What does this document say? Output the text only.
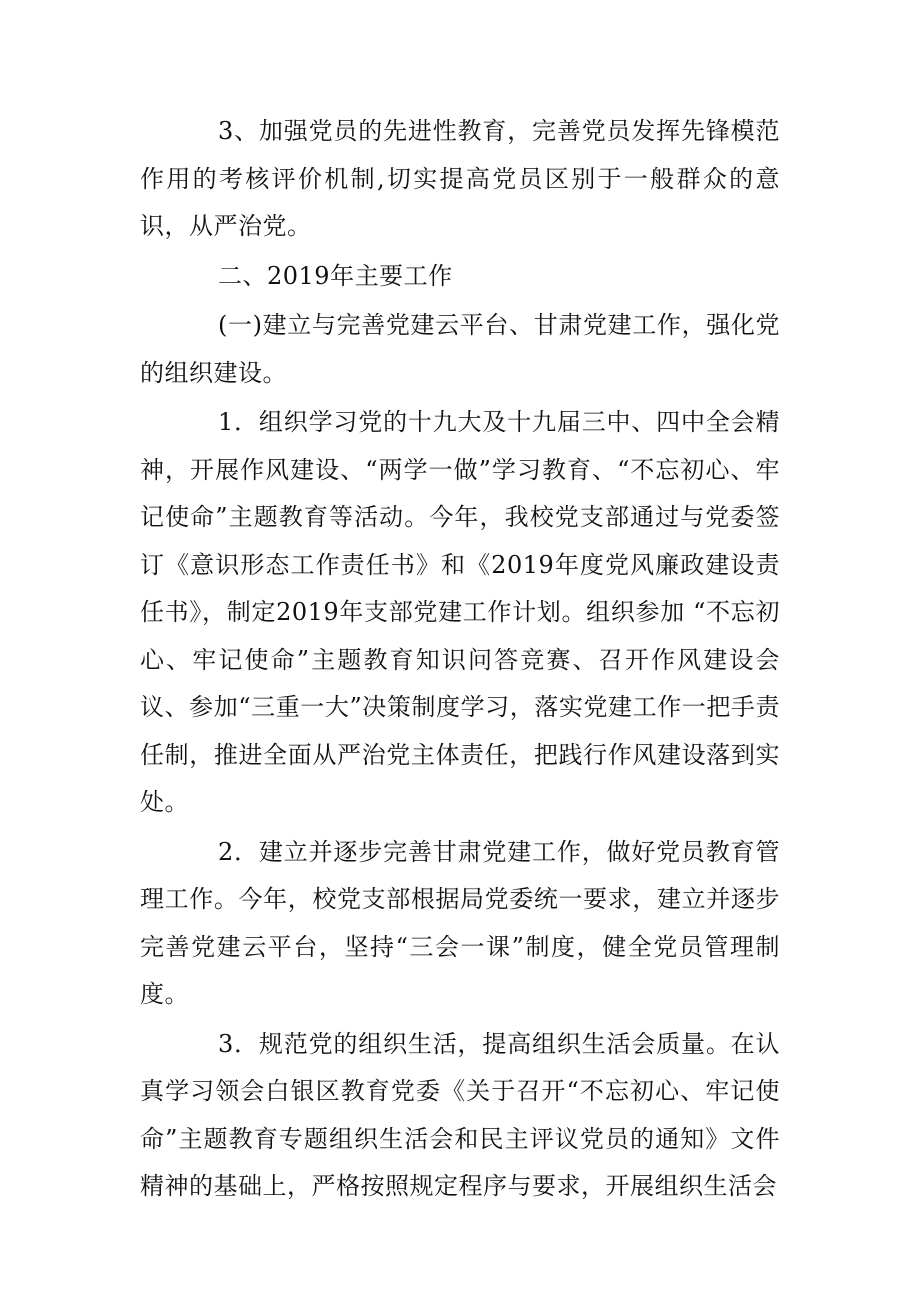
3、加强党员的先进性教育，完善党员发挥先锋模范作用的考核评价机制,切实提高党员区别于一般群众的意识，从严治党。

二、2019年主要工作

(一)建立与完善党建云平台、甘肃党建工作，强化党的组织建设。

1．组织学习党的十九大及十九届三中、四中全会精神，开展作风建设、“两学一做”学习教育、“不忘初心、牢记使命”主题教育等活动。今年，我校党支部通过与党委签订《意识形态工作责任书》和《2019年度党风廉政建设责任书》，制定2019年支部党建工作计划。组织参加 “不忘初心、牢记使命”主题教育知识问答竞赛、召开作风建设会议、参加“三重一大”决策制度学习，落实党建工作一把手责任制，推进全面从严治党主体责任，把践行作风建设落到实处。

2．建立并逐步完善甘肃党建工作，做好党员教育管理工作。今年，校党支部根据局党委统一要求，建立并逐步完善党建云平台，坚持“三会一课”制度，健全党员管理制度。

3．规范党的组织生活，提高组织生活会质量。在认真学习领会白银区教育党委《关于召开“不忘初心、牢记使命”主题教育专题组织生活会和民主评议党员的通知》文件精神的基础上，严格按照规定程序与要求，开展组织生活会
